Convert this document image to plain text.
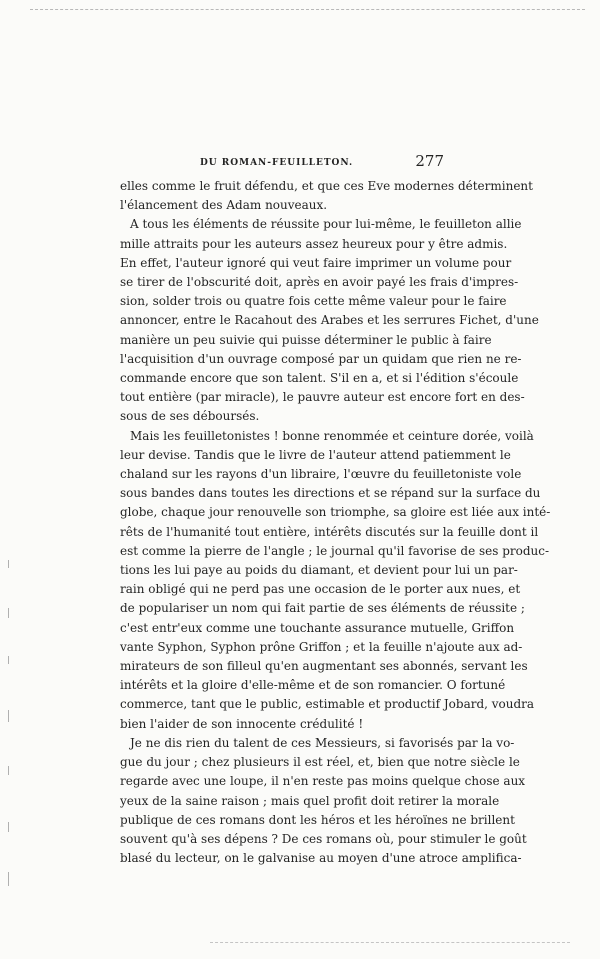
DU ROMAN-FEUILLETON.	277
elles comme le fruit défendu, et que ces Eve modernes déterminent
l'élancement des Adam nouveaux.
A tous les éléments de réussite pour lui-même, le feuilleton allie
mille attraits pour les auteurs assez heureux pour y être admis.
En effet, l'auteur ignoré qui veut faire imprimer un volume pour
se tirer de l'obscurité doit, après en avoir payé les frais d'impres-
sion, solder trois ou quatre fois cette même valeur pour le faire
annoncer, entre le Racahout des Arabes et les serrures Fichet, d'une
manière un peu suivie qui puisse déterminer le public à faire
l'acquisition d'un ouvrage composé par un quidam que rien ne re-
commande encore que son talent. S'il en a, et si l'édition s'écoule
tout entière (par miracle), le pauvre auteur est encore fort en des-
sous de ses déboursés.
Mais les feuilletonistes ! bonne renommée et ceinture dorée, voilà
leur devise. Tandis que le livre de l'auteur attend patiemment le
chaland sur les rayons d'un libraire, l'œuvre du feuilletoniste vole
sous bandes dans toutes les directions et se répand sur la surface du
globe, chaque jour renouvelle son triomphe, sa gloire est liée aux inté-
rêts de l'humanité tout entière, intérêts discutés sur la feuille dont il
est comme la pierre de l'angle ; le journal qu'il favorise de ses produc-
tions les lui paye au poids du diamant, et devient pour lui un par-
rain obligé qui ne perd pas une occasion de le porter aux nues, et
de populariser un nom qui fait partie de ses éléments de réussite ;
c'est entr'eux comme une touchante assurance mutuelle, Griffon
vante Syphon, Syphon prône Griffon ; et la feuille n'ajoute aux ad-
mirateurs de son filleul qu'en augmentant ses abonnés, servant les
intérêts et la gloire d'elle-même et de son romancier. O fortuné
commerce, tant que le public, estimable et productif Jobard, voudra
bien l'aider de son innocente crédulité !
Je ne dis rien du talent de ces Messieurs, si favorisés par la vo-
gue du jour ; chez plusieurs il est réel, et, bien que notre siècle le
regarde avec une loupe, il n'en reste pas moins quelque chose aux
yeux de la saine raison ; mais quel profit doit retirer la morale
publique de ces romans dont les héros et les héroïnes ne brillent
souvent qu'à ses dépens ? De ces romans où, pour stimuler le goût
blasé du lecteur, on le galvanise au moyen d'une atroce amplifica-
